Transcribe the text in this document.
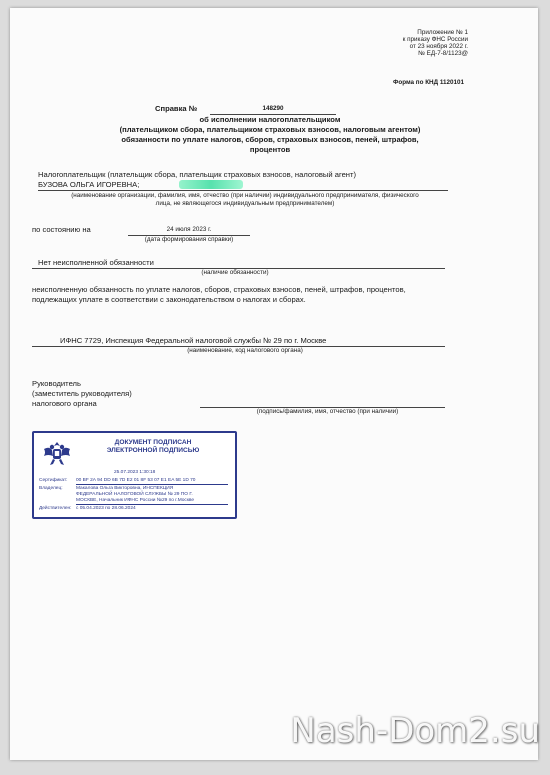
Приложение № 1
к приказу ФНС России
от 23 ноября 2022 г.
№ ЕД-7-8/1123@
Форма по КНД 1120101
Справка №	148290
об исполнении налогоплательщиком
(плательщиком сбора, плательщиком страховых взносов, налоговым агентом)
обязанности по уплате налогов, сборов, страховых взносов, пеней, штрафов,
процентов
Налогоплательщик (плательщик сбора, плательщик страховых взносов, налоговый агент)
БУЗОВА ОЛЬГА ИГОРЕВНА;
(наименование организации, фамилия, имя, отчество (при наличии) индивидуального предпринимателя, физического
лица, не являющегося индивидуальным предпринимателем)
по состоянию на	24 июля 2023 г.
(дата формирования справки)
Нет неисполненной обязанности
(наличие обязанности)
неисполненную обязанность по уплате налогов, сборов, страховых взносов, пеней, штрафов, процентов,
подлежащих уплате в соответствии с законодательством о налогах и сборах.
ИФНС 7729, Инспекция Федеральной налоговой службы № 29 по г. Москве
(наименование, код налогового органа)
Руководитель
(заместитель руководителя)
налогового органа
(подпись/фамилия, имя, отчество (при наличии)
ДОКУМЕНТ ПОДПИСАН
ЭЛЕКТРОННОЙ ПОДПИСЬЮ
25.07.2023 1:30:18
Сертификат:	00 BF 2A 94 DD 6B 7D E2 01 8F 53 07 E1 EA 5E 1D 70
Владелец:	Макалова Ольга Викторовна, ИНСПЕКЦИЯ
ФЕДЕРАЛЬНОЙ НАЛОГОВОЙ СЛУЖБЫ № 29 ПО Г.
МОСКВЕ, Начальник ИФНС России №29 по г.Москве
Действителен: с 05.04.2023 по 28.06.2024
Nash-Dom2.su
